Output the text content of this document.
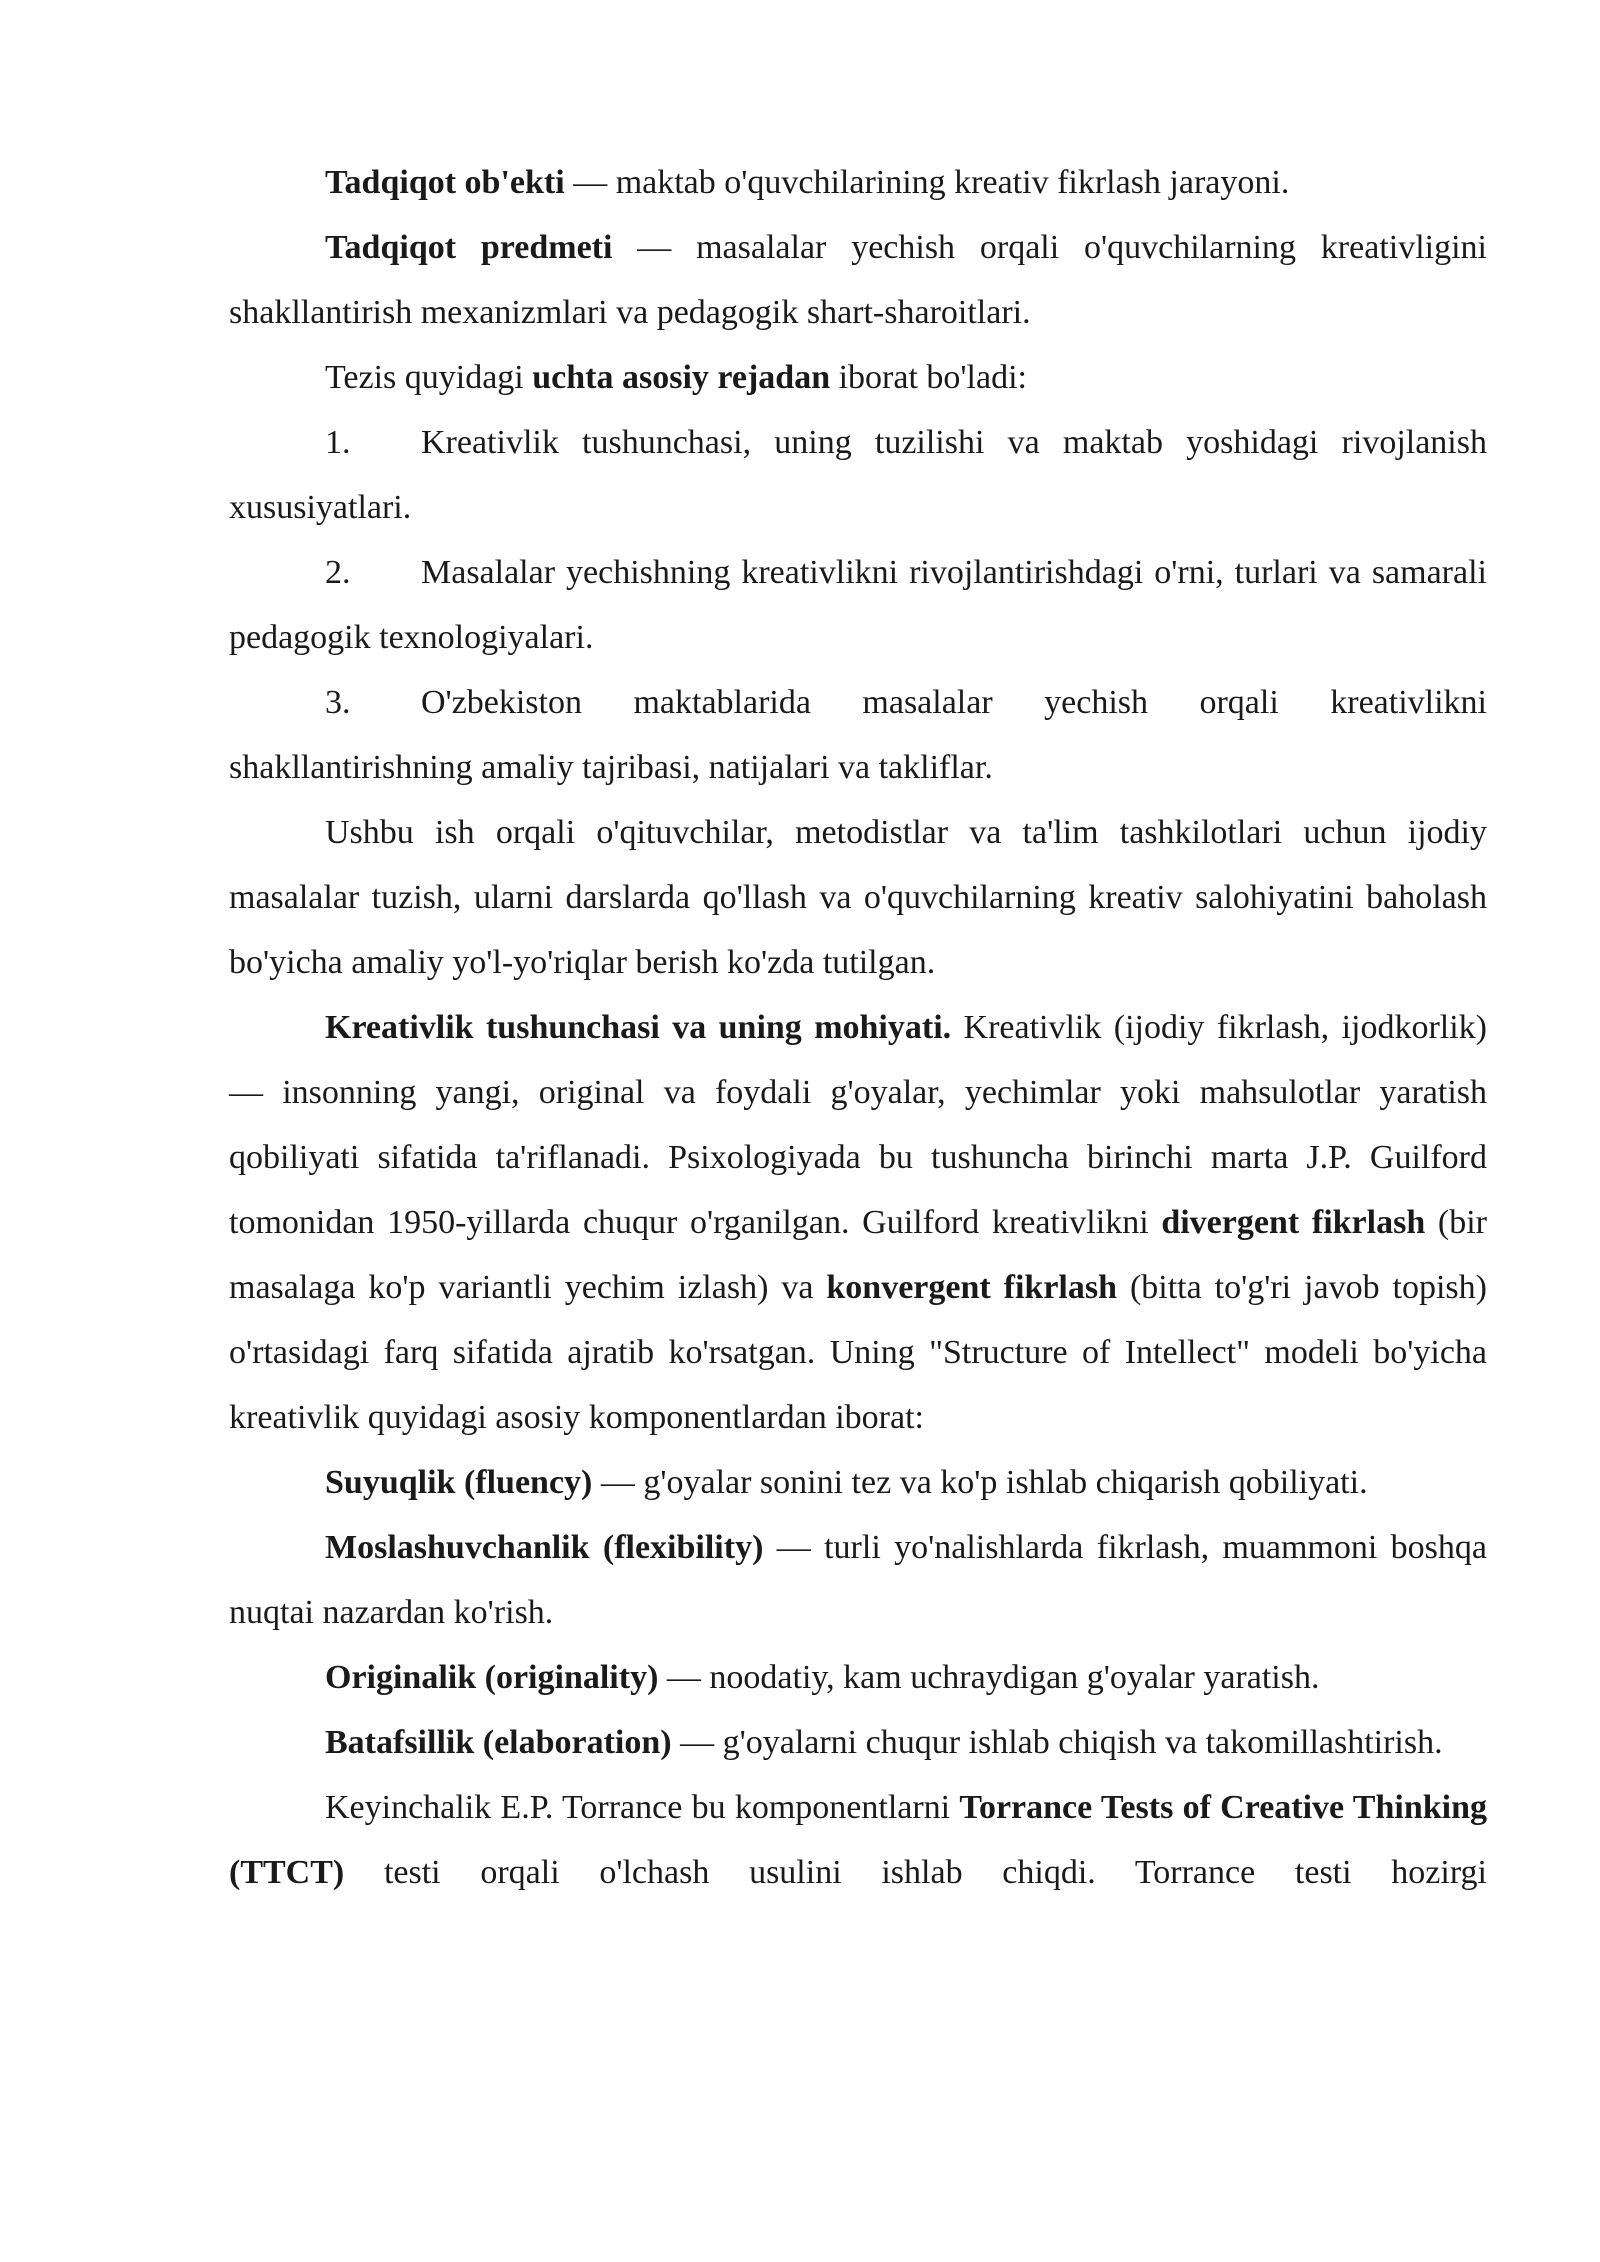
Tadqiqot ob'ekti — maktab o'quvchilarining kreativ fikrlash jarayoni.

Tadqiqot predmeti — masalalar yechish orqali o'quvchilarning kreativligini shakllantirish mexanizmlari va pedagogik shart-sharoitlari.

Tezis quyidagi uchta asosiy rejadan iborat bo'ladi:

1. Kreativlik tushunchasi, uning tuzilishi va maktab yoshidagi rivojlanish xususiyatlari.

2. Masalalar yechishning kreativlikni rivojlantirishdagi o'rni, turlari va samarali pedagogik texnologiyalari.

3. O'zbekiston maktablarida masalalar yechish orqali kreativlikni shakllantirishning amaliy tajribasi, natijalari va takliflar.

Ushbu ish orqali o'qituvchilar, metodistlar va ta'lim tashkilotlari uchun ijodiy masalalar tuzish, ularni darslarda qo'llash va o'quvchilarning kreativ salohiyatini baholash bo'yicha amaliy yo'l-yo'riqlar berish ko'zda tutilgan.

Kreativlik tushunchasi va uning mohiyati. Kreativlik (ijodiy fikrlash, ijodkorlik) — insonning yangi, original va foydali g'oyalar, yechimlar yoki mahsulotlar yaratish qobiliyati sifatida ta'riflanadi. Psixologiyada bu tushuncha birinchi marta J.P. Guilford tomonidan 1950-yillarda chuqur o'rganilgan. Guilford kreativlikni divergent fikrlash (bir masalaga ko'p variantli yechim izlash) va konvergent fikrlash (bitta to'g'ri javob topish) o'rtasidagi farq sifatida ajratib ko'rsatgan. Uning "Structure of Intellect" modeli bo'yicha kreativlik quyidagi asosiy komponentlardan iborat:

Suyuqlik (fluency) — g'oyalar sonini tez va ko'p ishlab chiqarish qobiliyati.

Moslashuvchanlik (flexibility) — turli yo'nalishlarda fikrlash, muammoni boshqa nuqtai nazardan ko'rish.

Originalik (originality) — noodatiy, kam uchraydigan g'oyalar yaratish.

Batafsillik (elaboration) — g'oyalarni chuqur ishlab chiqish va takomillashtirish.

Keyinchalik E.P. Torrance bu komponentlarni Torrance Tests of Creative Thinking (TTCT) testi orqali o'lchash usulini ishlab chiqdi. Torrance testi hozirgi
